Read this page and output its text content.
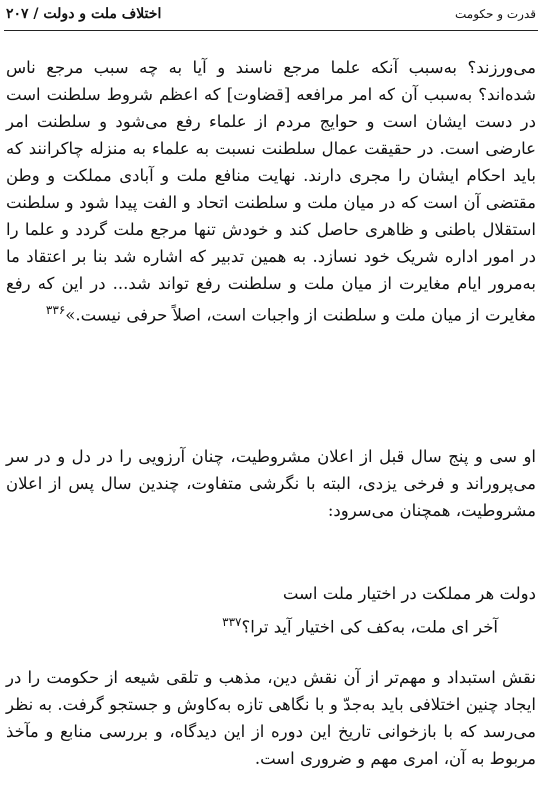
قدرت و حکومت
اختلاف ملت و دولت / ۲۰۷

می‌ورزند؟ به‌سبب آنکه علما مرجع ناسند و آیا به چه سبب مرجع ناس شده‌اند؟ به‌سبب آن که امر مرافعه [قضاوت] که اعظم شروط سلطنت است در دست ایشان است و حوایج مردم از علماء رفع می‌شود و سلطنت امر عارضی است. در حقیقت عمال سلطنت نسبت به علماء به منزله چاکرانند که باید احکام ایشان را مجری دارند. نهایت منافع ملت و آبادی مملکت و وطن مقتضی آن است که در میان ملت و سلطنت اتحاد و الفت پیدا شود و سلطنت استقلال باطنی و ظاهری حاصل کند و خودش تنها مرجع ملت گردد و علما را در امور اداره شریک خود نسازد. به همین تدبیر که اشاره شد بنا بر اعتقاد ما به‌مرور ایام مغایرت از میان ملت و سلطنت رفع تواند شد... در این که رفع مغایرت از میان ملت و سلطنت از واجبات است، اصلاً حرفی نیست.»$^{۳۳۶}$

او سی و پنج سال قبل از اعلان مشروطیت، چنان آرزویی را در دل و در سر می‌پروراند و فرخی یزدی، البته با نگرشی متفاوت، چندین سال پس از اعلان مشروطیت، همچنان می‌سرود:

دولت هر مملکت در اختیار ملت است
آخر ای ملت، به‌کف کی اختیار آید ترا؟$^{۳۳۷}$

نقش استبداد و مهم‌تر از آن نقش دین، مذهب و تلقی شیعه از حکومت را در ایجاد چنین اختلافی باید به‌جدّ و با نگاهی تازه به‌کاوش و جستجو گرفت. به نظر می‌رسد که با بازخوانی تاریخ این دوره از این دیدگاه، و بررسی منابع و مآخذ مربوط به آن، امری مهم و ضروری است.
